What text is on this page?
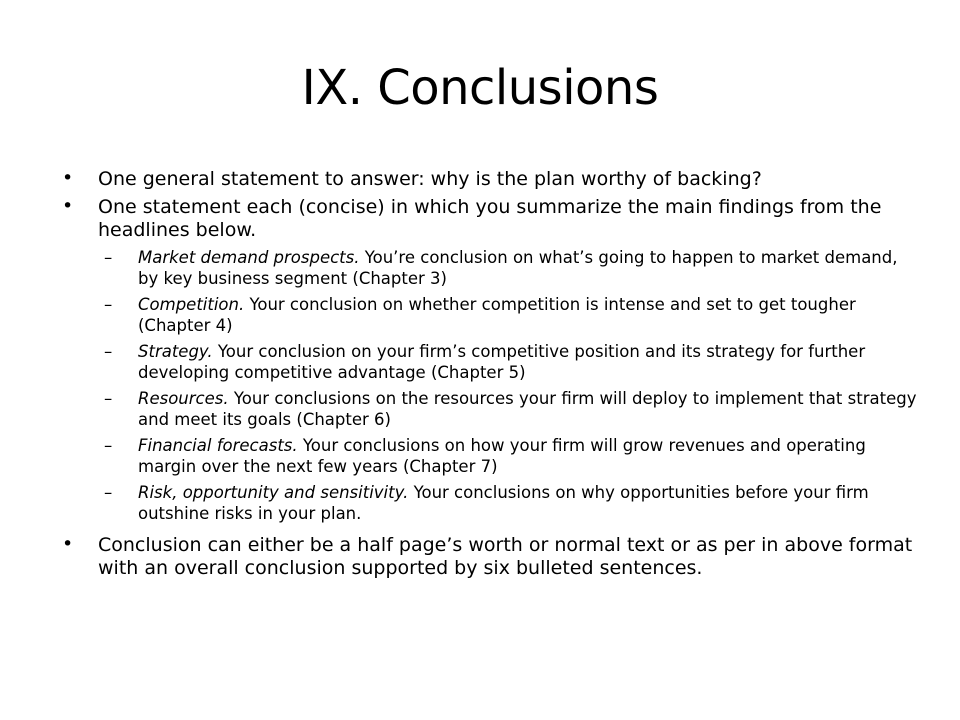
IX. Conclusions
• One general statement to answer: why is the plan worthy of backing?
• One statement each (concise) in which you summarize the main findings from the headlines below.
– Market demand prospects. You’re conclusion on what’s going to happen to market demand, by key business segment (Chapter 3)
– Competition. Your conclusion on whether competition is intense and set to get tougher (Chapter 4)
– Strategy. Your conclusion on your firm’s competitive position and its strategy for further developing competitive advantage (Chapter 5)
– Resources. Your conclusions on the resources your firm will deploy to implement that strategy and meet its goals (Chapter 6)
– Financial forecasts. Your conclusions on how your firm will grow revenues and operating margin over the next few years (Chapter 7)
– Risk, opportunity and sensitivity. Your conclusions on why opportunities before your firm outshine risks in your plan.
• Conclusion can either be a half page’s worth or normal text or as per in above format with an overall conclusion supported by six bulleted sentences.
